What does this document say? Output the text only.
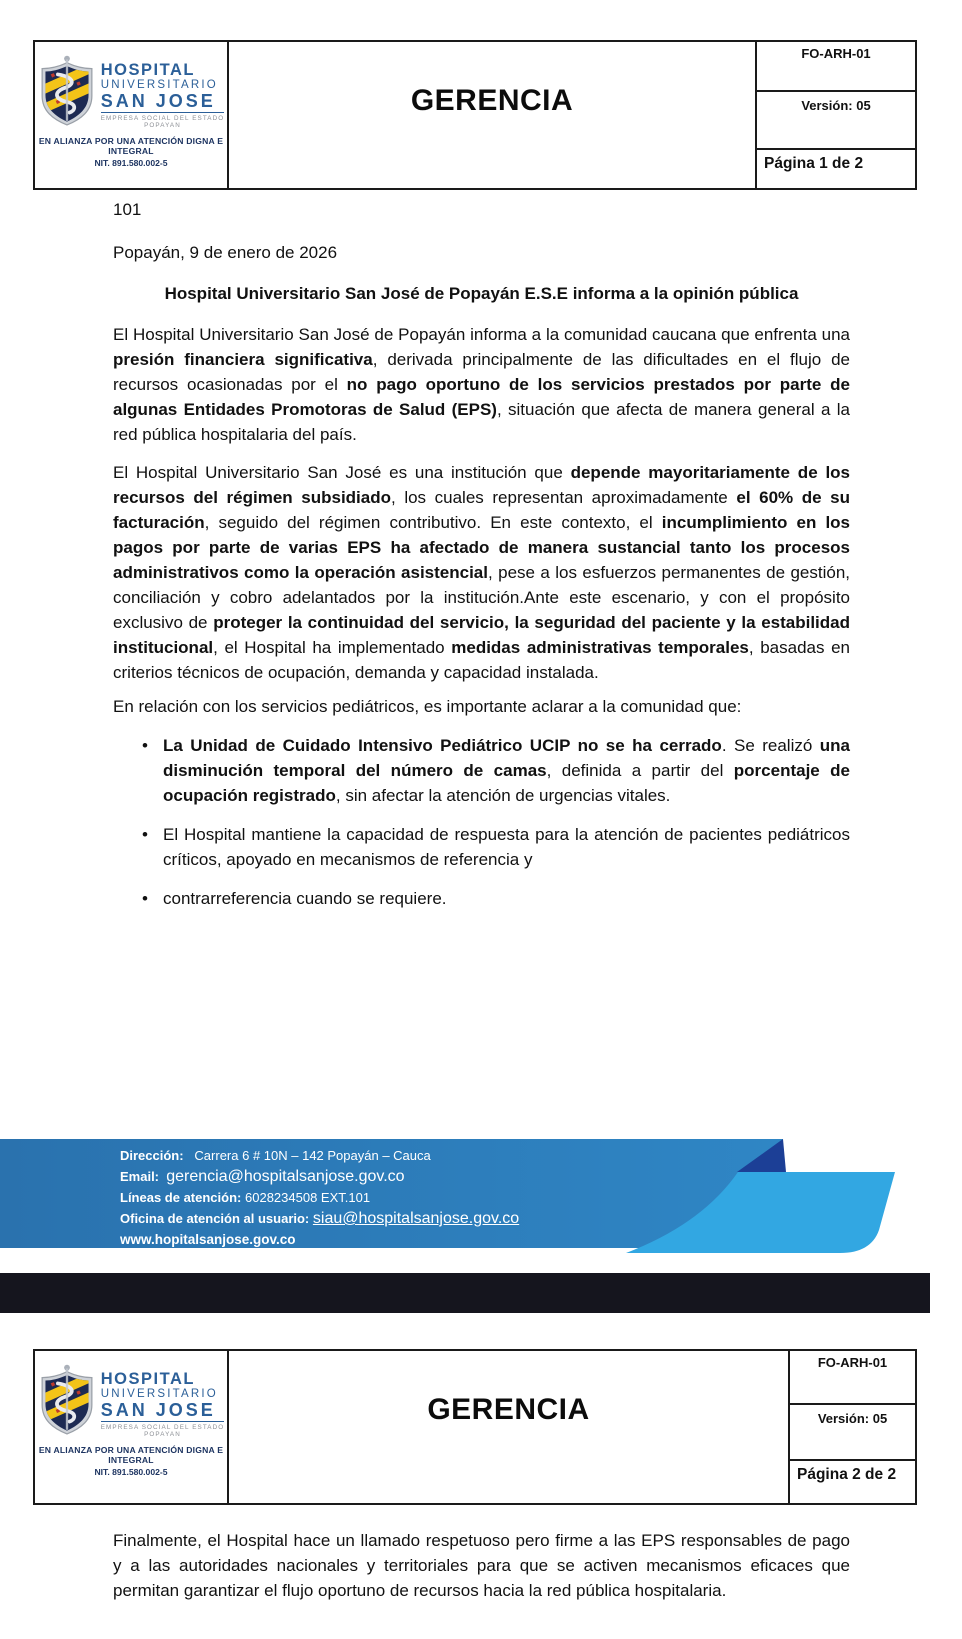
HOSPITAL
UNIVERSITARIO
SAN JOSE
EMPRESA SOCIAL DEL ESTADO
POPAYAN
EN ALIANZA POR UNA ATENCIÓN DIGNA E INTEGRAL
NIT. 891.580.002-5
GERENCIA
FO-ARH-01
Versión: 05
Página 1 de 2

101

Popayán, 9 de enero de 2026

Hospital Universitario San José de Popayán E.S.E informa a la opinión pública

El Hospital Universitario San José de Popayán informa a la comunidad caucana que enfrenta una presión financiera significativa, derivada principalmente de las dificultades en el flujo de recursos ocasionadas por el no pago oportuno de los servicios prestados por parte de algunas Entidades Promotoras de Salud (EPS), situación que afecta de manera general a la red pública hospitalaria del país.

El Hospital Universitario San José es una institución que depende mayoritariamente de los recursos del régimen subsidiado, los cuales representan aproximadamente el 60% de su facturación, seguido del régimen contributivo. En este contexto, el incumplimiento en los pagos por parte de varias EPS ha afectado de manera sustancial tanto los procesos administrativos como la operación asistencial, pese a los esfuerzos permanentes de gestión, conciliación y cobro adelantados por la institución.Ante este escenario, y con el propósito exclusivo de proteger la continuidad del servicio, la seguridad del paciente y la estabilidad institucional, el Hospital ha implementado medidas administrativas temporales, basadas en criterios técnicos de ocupación, demanda y capacidad instalada.

En relación con los servicios pediátricos, es importante aclarar a la comunidad que:

• La Unidad de Cuidado Intensivo Pediátrico UCIP no se ha cerrado. Se realizó una disminución temporal del número de camas, definida a partir del porcentaje de ocupación registrado, sin afectar la atención de urgencias vitales.
• El Hospital mantiene la capacidad de respuesta para la atención de pacientes pediátricos críticos, apoyado en mecanismos de referencia y
• contrarreferencia cuando se requiere.
Dirección: Carrera 6 # 10N – 142 Popayán – Cauca
Email: gerencia@hospitalsanjose.gov.co
Líneas de atención: 6028234508 EXT.101
Oficina de atención al usuario: siau@hospitalsanjose.gov.co
www.hopitalsanjose.gov.co
HOSPITAL
UNIVERSITARIO
SAN JOSE
EMPRESA SOCIAL DEL ESTADO
POPAYAN
EN ALIANZA POR UNA ATENCIÓN DIGNA E INTEGRAL
NIT. 891.580.002-5
GERENCIA
FO-ARH-01
Versión: 05
Página 2 de 2

Finalmente, el Hospital hace un llamado respetuoso pero firme a las EPS responsables de pago y a las autoridades nacionales y territoriales para que se activen mecanismos eficaces que permitan garantizar el flujo oportuno de recursos hacia la red pública hospitalaria.
